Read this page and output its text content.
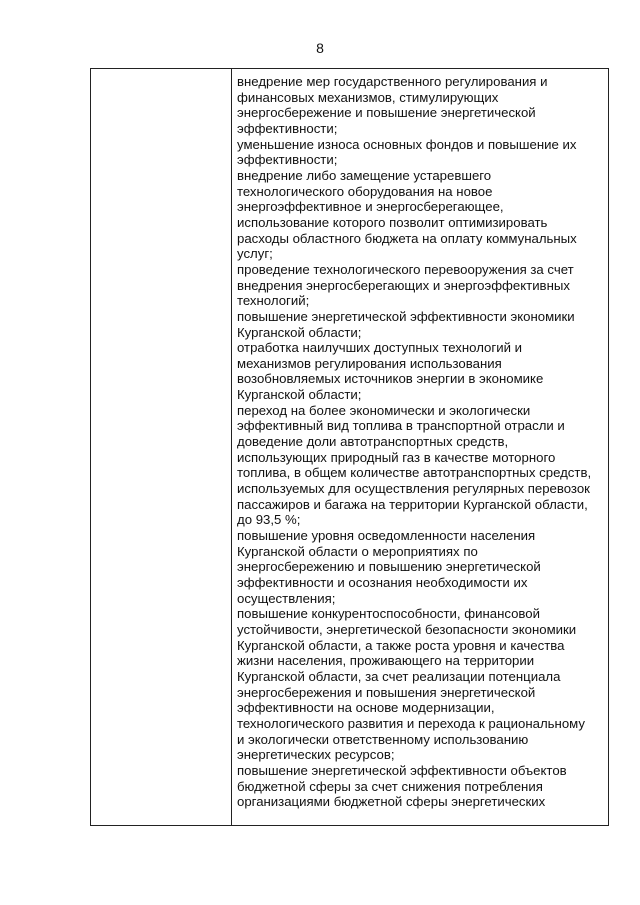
8
внедрение мер государственного регулирования и
финансовых механизмов, стимулирующих
энергосбережение и повышение энергетической
эффективности;
уменьшение износа основных фондов и повышение их
эффективности;
внедрение либо замещение устаревшего
технологического оборудования на новое
энергоэффективное и энергосберегающее,
использование которого позволит оптимизировать
расходы областного бюджета на оплату коммунальных
услуг;
проведение технологического перевооружения за счет
внедрения энергосберегающих и энергоэффективных
технологий;
повышение энергетической эффективности экономики
Курганской области;
отработка наилучших доступных технологий и
механизмов регулирования использования
возобновляемых источников энергии в экономике
Курганской области;
переход на более экономически и экологически
эффективный вид топлива в транспортной отрасли и
доведение доли автотранспортных средств,
использующих природный газ в качестве моторного
топлива, в общем количестве автотранспортных средств,
используемых для осуществления регулярных перевозок
пассажиров и багажа на территории Курганской области,
до 93,5 %;
повышение уровня осведомленности населения
Курганской области о мероприятиях по
энергосбережению и повышению энергетической
эффективности и осознания необходимости их
осуществления;
повышение конкурентоспособности, финансовой
устойчивости, энергетической безопасности экономики
Курганской области, а также роста уровня и качества
жизни населения, проживающего на территории
Курганской области, за счет реализации потенциала
энергосбережения и повышения энергетической
эффективности на основе модернизации,
технологического развития и перехода к рациональному
и экологически ответственному использованию
энергетических ресурсов;
повышение энергетической эффективности объектов
бюджетной сферы за счет снижения потребления
организациями бюджетной сферы энергетических
